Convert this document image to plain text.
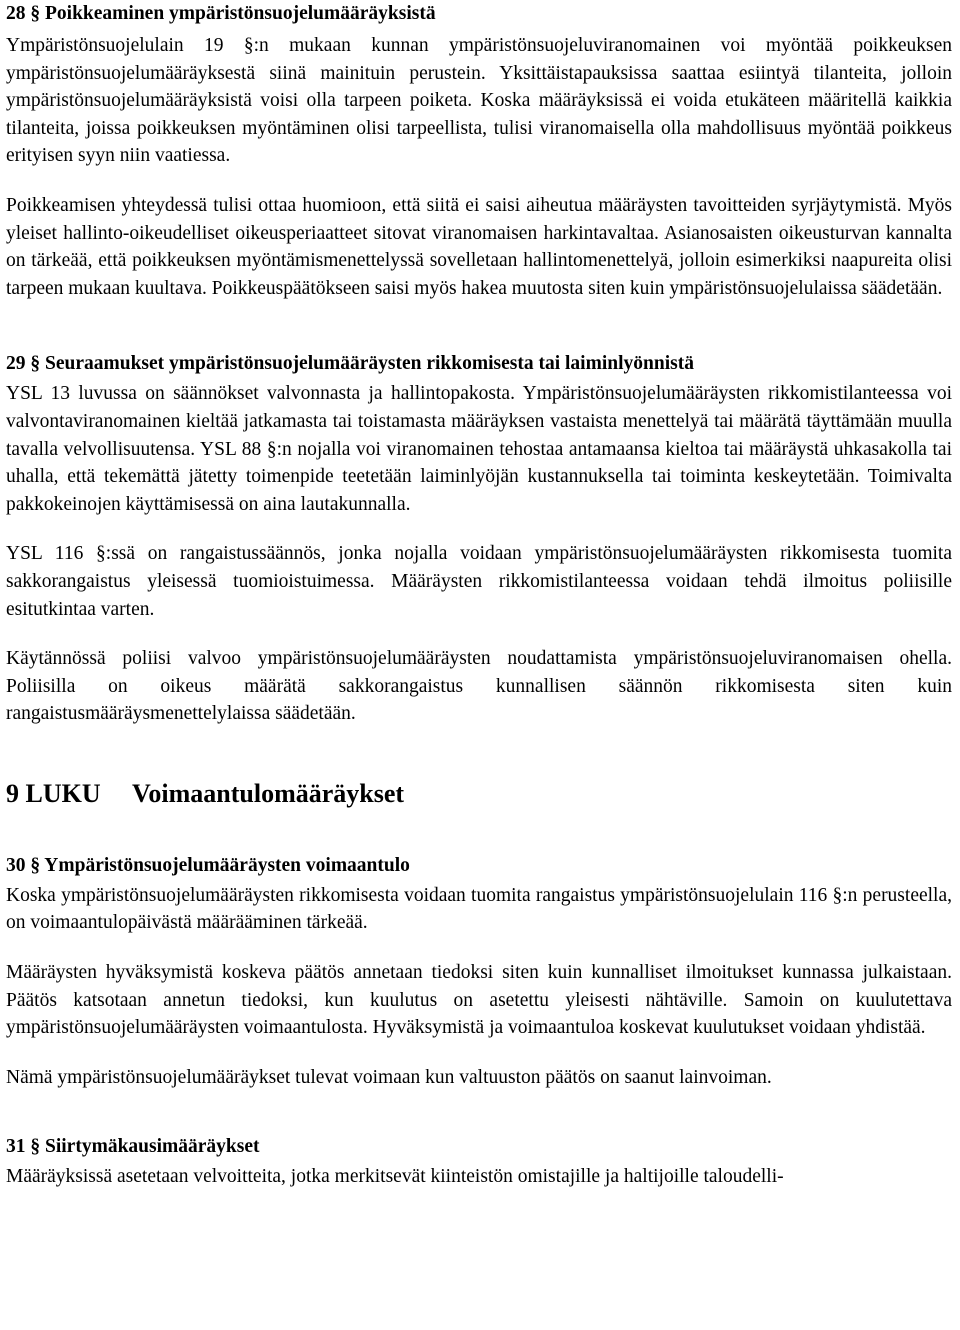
28 § Poikkeaminen ympäristönsuojelumääräyksistä

Ympäristönsuojelulain 19 §:n mukaan kunnan ympäristönsuojeluviranomainen voi myöntää poikkeuksen ympäristönsuojelumääräyksestä siinä mainituin perustein. Yksittäistapauksissa saattaa esiintyä tilanteita, jolloin ympäristönsuojelumääräyksistä voisi olla tarpeen poiketa. Koska määräyksissä ei voida etukäteen määritellä kaikkia tilanteita, joissa poikkeuksen myöntäminen olisi tarpeellista, tulisi viranomaisella olla mahdollisuus myöntää poikkeus erityisen syyn niin vaatiessa.

Poikkeamisen yhteydessä tulisi ottaa huomioon, että siitä ei saisi aiheutua määräysten tavoitteiden syrjäytymistä. Myös yleiset hallinto-oikeudelliset oikeusperiaatteet sitovat viranomaisen harkintavaltaa. Asianosaisten oikeusturvan kannalta on tärkeää, että poikkeuksen myöntämismenettelyssä sovelletaan hallintomenettelyä, jolloin esimerkiksi naapureita olisi tarpeen mukaan kuultava. Poikkeuspäätökseen saisi myös hakea muutosta siten kuin ympäristönsuojelulaissa säädetään.

29 § Seuraamukset ympäristönsuojelumääräysten rikkomisesta tai laiminlyönnistä

YSL 13 luvussa on säännökset valvonnasta ja hallintopakosta. Ympäristönsuojelumääräysten rikkomistilanteessa voi valvontaviranomainen kieltää jatkamasta tai toistamasta määräyksen vastaista menettelyä tai määrätä täyttämään muulla tavalla velvollisuutensa. YSL 88 §:n nojalla voi viranomainen tehostaa antamaansa kieltoa tai määräystä uhkasakolla tai uhalla, että tekemättä jätetty toimenpide teetetään laiminlyöjän kustannuksella tai toiminta keskeytetään. Toimivalta pakkokeinojen käyttämisessä on aina lautakunnalla.

YSL 116 §:ssä on rangaistussäännös, jonka nojalla voidaan ympäristönsuojelumääräysten rikkomisesta tuomita sakkorangaistus yleisessä tuomioistuimessa. Määräysten rikkomistilanteessa voidaan tehdä ilmoitus poliisille esitutkintaa varten.

Käytännössä poliisi valvoo ympäristönsuojelumääräysten noudattamista ympäristönsuojeluviranomaisen ohella. Poliisilla on oikeus määrätä sakkorangaistus kunnallisen säännön rikkomisesta siten kuin rangaistusmääräysmenettelylaissa säädetään.

9 LUKU Voimaantulomääräykset
30 § Ympäristönsuojelumääräysten voimaantulo

Koska ympäristönsuojelumääräysten rikkomisesta voidaan tuomita rangaistus ympäristönsuojelulain 116 §:n perusteella, on voimaantulopäivästä määrääminen tärkeää.

Määräysten hyväksymistä koskeva päätös annetaan tiedoksi siten kuin kunnalliset ilmoitukset kunnassa julkaistaan. Päätös katsotaan annetun tiedoksi, kun kuulutus on asetettu yleisesti nähtäville. Samoin on kuulutettava ympäristönsuojelumääräysten voimaantulosta. Hyväksymistä ja voimaantuloa koskevat kuulutukset voidaan yhdistää.

Nämä ympäristönsuojelumääräykset tulevat voimaan kun valtuuston päätös on saanut lainvoiman.

31 § Siirtymäkausimääräykset

Määräyksissä asetetaan velvoitteita, jotka merkitsevät kiinteistön omistajille ja haltijoille taloudelli-
